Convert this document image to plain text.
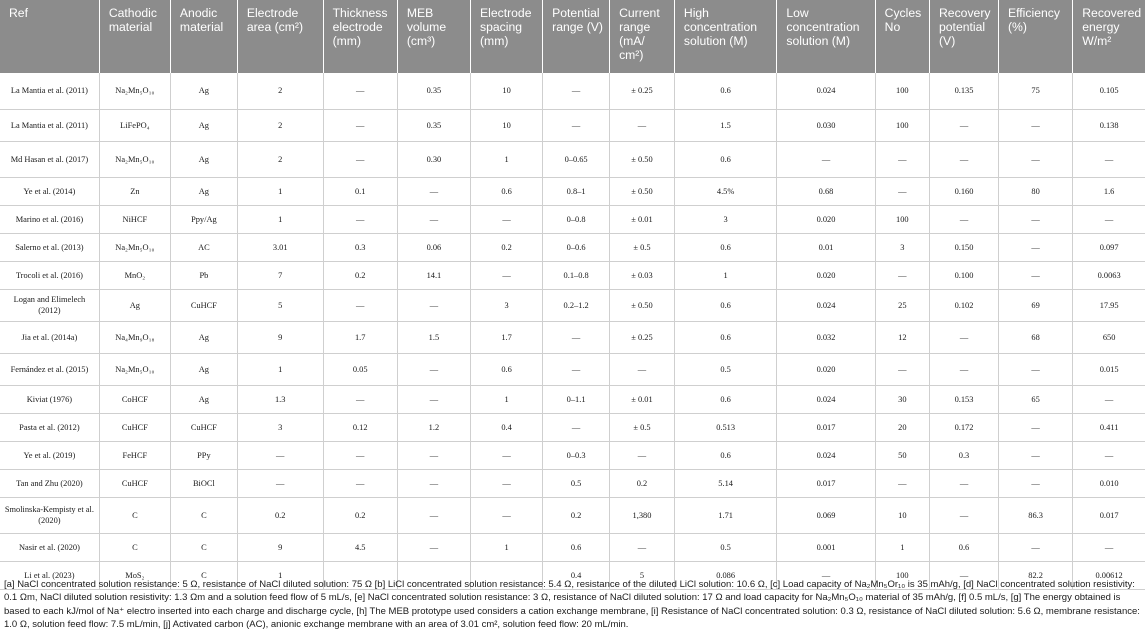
Ref	Cathodic material	Anodic material	Electrode area (cm²)	Thickness electrode (mm)	MEB volume (cm³)	Electrode spacing (mm)	Potential range (V)	Current range (mA/ cm²)	High concentration solution (M)	Low concentration solution (M)	Cycles No	Recovery potential (V)	Efficiency (%)	Recovered energy W/m²
La Mantia et al. (2011)	Na₂Mn₅O₁₀	Ag	2	—	0.35	10	—	± 0.25	0.6	0.024	100	0.135	75	0.105
La Mantia et al. (2011)	LiFePO₄	Ag	2	—	0.35	10	—	—	1.5	0.030	100	—	—	0.138
Md Hasan et al. (2017)	Na₂Mn₅O₁₀	Ag	2	—	0.30	1	0–0.65	± 0.50	0.6	—	—	—	—	—
Ye et al. (2014)	Zn	Ag	1	0.1	—	0.6	0.8–1	± 0.50	4.5%	0.68	—	0.160	80	1.6
Marino et al. (2016)	NiHCF	Ppy/Ag	1	—	—	—	0–0.8	± 0.01	3	0.020	100	—	—	—
Salerno et al. (2013)	Na₂Mn₅O₁₀	AC	3.01	0.3	0.06	0.2	0–0.6	± 0.5	0.6	0.01	3	0.150	—	0.097
Trocoli et al. (2016)	MnO₂	Pb	7	0.2	14.1	—	0.1–0.8	± 0.03	1	0.020	—	0.100	—	0.0063
Logan and Elimelech (2012)	Ag	CuHCF	5	—	—	3	0.2–1.2	± 0.50	0.6	0.024	25	0.102	69	17.95
Jia et al. (2014a)	Na₄Mn₉O₁₈	Ag	9	1.7	1.5	1.7	—	± 0.25	0.6	0.032	12	—	68	650
Fernández et al. (2015)	Na₂Mn₅O₁₀	Ag	1	0.05	—	0.6	—	—	0.5	0.020	—	—	—	0.015
Kiviat (1976)	CoHCF	Ag	1.3	—	—	1	0–1.1	± 0.01	0.6	0.024	30	0.153	65	—
Pasta et al. (2012)	CuHCF	CuHCF	3	0.12	1.2	0.4	—	± 0.5	0.513	0.017	20	0.172	—	0.411
Ye et al. (2019)	FeHCF	PPy	—	—	—	—	0–0.3	—	0.6	0.024	50	0.3	—	—
Tan and Zhu (2020)	CuHCF	BiOCl	—	—	—	—	0.5	0.2	5.14	0.017	—	—	—	0.010
Smolinska-Kempisty et al. (2020)	C	C	0.2	0.2	—	—	0.2	1,380	1.71	0.069	10	—	86.3	0.017
Nasir et al. (2020)	C	C	9	4.5	—	1	0.6	—	0.5	0.001	1	0.6	—	—
Li et al. (2023)	MoS₂	C	1				0.4	5	0.086	—	100	—	82.2	0.00612
[a] NaCl concentrated solution resistance: 5 Ω, resistance of NaCl diluted solution: 75 Ω [b] LiCl concentrated solution resistance: 5.4 Ω, resistance of the diluted LiCl solution: 10.6 Ω, [c] Load capacity of Na₂Mn₅Or₁₀ is 35 mAh/g, [d] NaCl concentrated solution resistivity: 0.1 Ωm, NaCl diluted solution resistivity: 1.3 Ωm and a solution feed flow of 5 mL/s, [e] NaCl concentrated solution resistance: 3 Ω, resistance of NaCl diluted solution: 17 Ω and load capacity for Na₂Mn₅O₁₀ material of 35 mAh/g, [f] 0.5 mL/s, [g] The energy obtained is based to each kJ/mol of Na⁺ electro inserted into each charge and discharge cycle, [h] The MEB prototype used considers a cation exchange membrane, [i] Resistance of NaCl concentrated solution: 0.3 Ω, resistance of NaCl diluted solution: 5.6 Ω, membrane resistance: 1.0 Ω, solution feed flow: 7.5 mL/min, [j] Activated carbon (AC), anionic exchange membrane with an area of 3.01 cm², solution feed flow: 20 mL/min.
